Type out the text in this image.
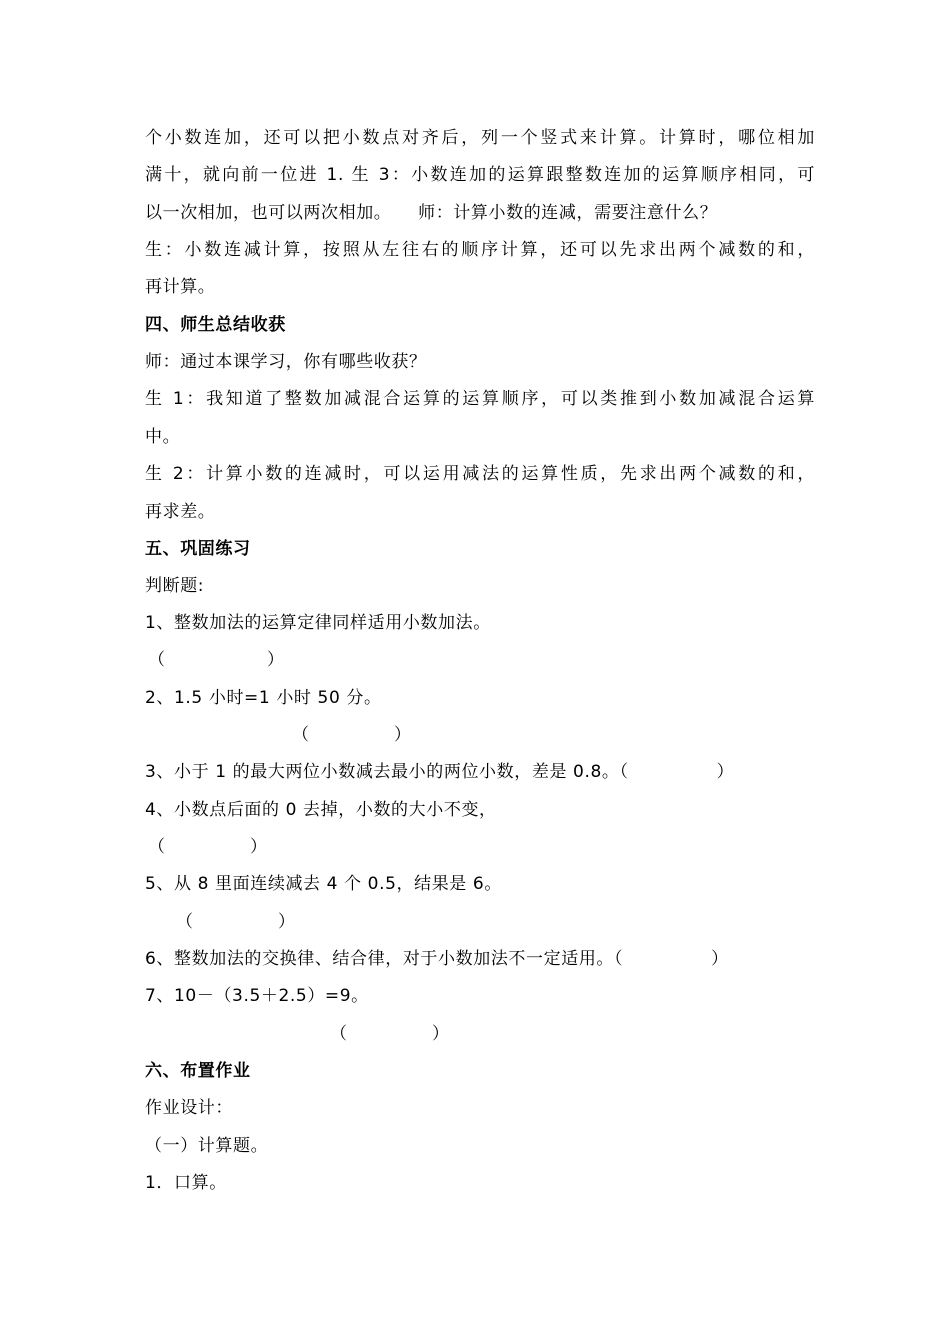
个小数连加，还可以把小数点对齐后，列一个竖式来计算。计算时，哪位相加
满十，就向前一位进 1. 生 3：小数连加的运算跟整数连加的运算顺序相同，可
以一次相加，也可以两次相加。　　师：计算小数的连减，需要注意什么？
生：小数连减计算，按照从左往右的顺序计算，还可以先求出两个减数的和，
再计算。
四、师生总结收获
师：通过本课学习，你有哪些收获？
生 1：我知道了整数加减混合运算的运算顺序，可以类推到小数加减混合运算
中。
生 2：计算小数的连减时，可以运用减法的运算性质，先求出两个减数的和，
再求差。
五、巩固练习
判断题:
1、整数加法的运算定律同样适用小数加法。
（　　　　　　）
2、1.5 小时=1 小时 50 分。
（　　　　　）
3、小于 1 的最大两位小数减去最小的两位小数，差是 0.8。（　　　　　）
4、小数点后面的 0 去掉，小数的大小不变，
（　　　　　）
5、从 8 里面连续减去 4 个 0.5，结果是 6。
（　　　　　）
6、整数加法的交换律、结合律，对于小数加法不一定适用。（　　　　　）
7、10－（3.5＋2.5）=9。
（　　　　　）
六、布置作业
作业设计：
（一）计算题。
1．口算。
